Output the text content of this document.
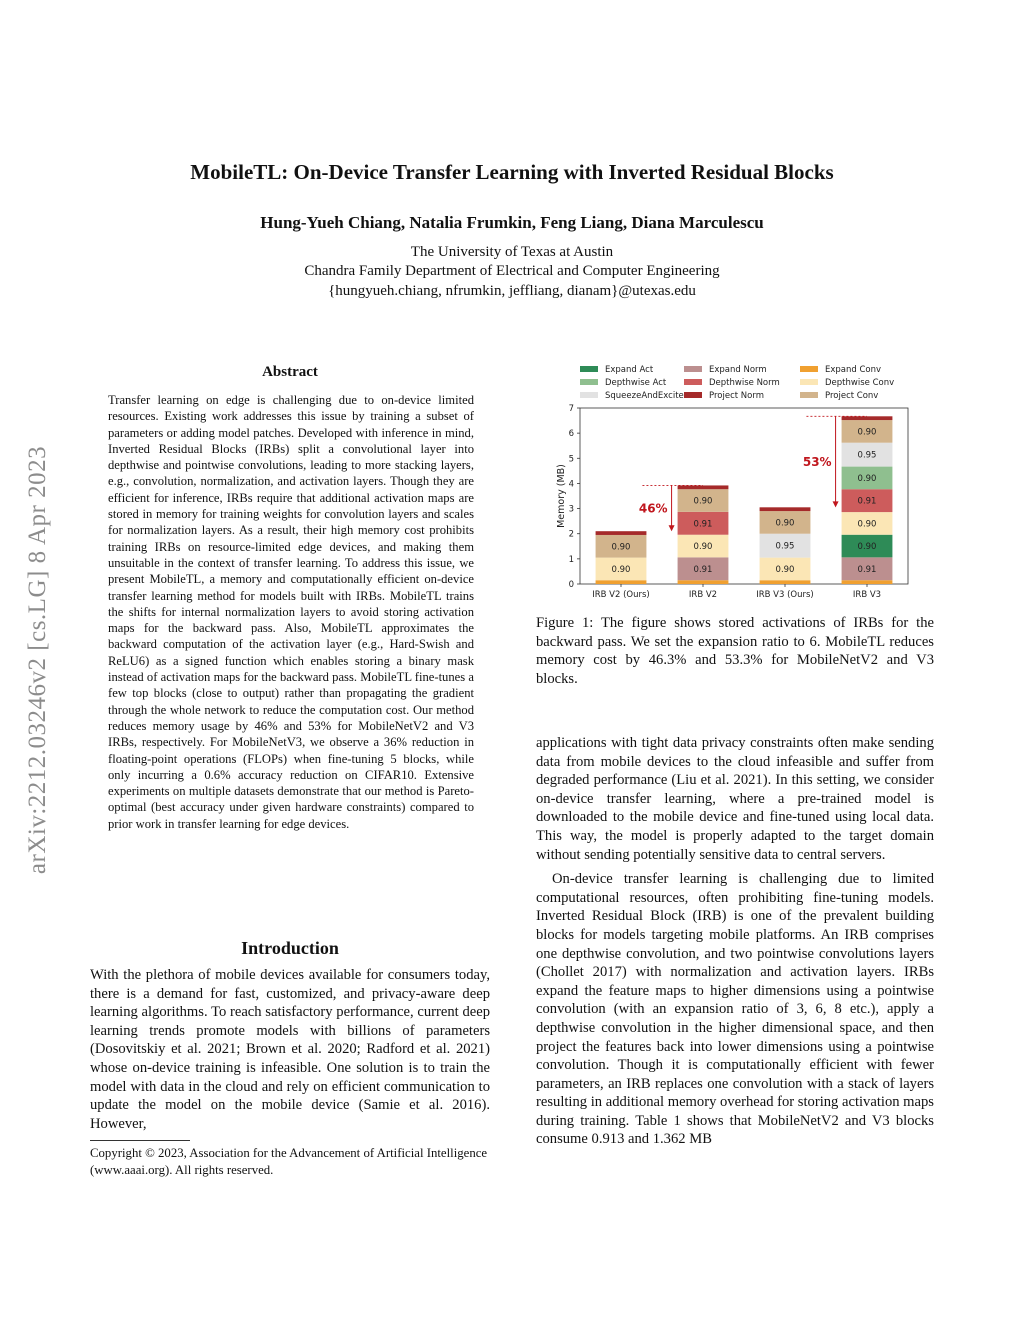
arXiv:2212.03246v2 [cs.LG] 8 Apr 2023
MobileTL: On-Device Transfer Learning with Inverted Residual Blocks
Hung-Yueh Chiang, Natalia Frumkin, Feng Liang, Diana Marculescu
The University of Texas at Austin
Chandra Family Department of Electrical and Computer Engineering
{hungyueh.chiang, nfrumkin, jeffliang, dianam}@utexas.edu
Abstract
Transfer learning on edge is challenging due to on-device limited resources. Existing work addresses this issue by training a subset of parameters or adding model patches. Developed with inference in mind, Inverted Residual Blocks (IRBs) split a convolutional layer into depthwise and pointwise convolutions, leading to more stacking layers, e.g., convolution, normalization, and activation layers. Though they are efficient for inference, IRBs require that additional activation maps are stored in memory for training weights for convolution layers and scales for normalization layers. As a result, their high memory cost prohibits training IRBs on resource-limited edge devices, and making them unsuitable in the context of transfer learning. To address this issue, we present MobileTL, a memory and computationally efficient on-device transfer learning method for models built with IRBs. MobileTL trains the shifts for internal normalization layers to avoid storing activation maps for the backward pass. Also, MobileTL approximates the backward computation of the activation layer (e.g., Hard-Swish and ReLU6) as a signed function which enables storing a binary mask instead of activation maps for the backward pass. MobileTL fine-tunes a few top blocks (close to output) rather than propagating the gradient through the whole network to reduce the computation cost. Our method reduces memory usage by 46% and 53% for MobileNetV2 and V3 IRBs, respectively. For MobileNetV3, we observe a 36% reduction in floating-point operations (FLOPs) when fine-tuning 5 blocks, while only incurring a 0.6% accuracy reduction on CIFAR10. Extensive experiments on multiple datasets demonstrate that our method is Pareto-optimal (best accuracy under given hardware constraints) compared to prior work in transfer learning for edge devices.
Introduction
With the plethora of mobile devices available for consumers today, there is a demand for fast, customized, and privacy-aware deep learning algorithms. To reach satisfactory performance, current deep learning trends promote models with billions of parameters (Dosovitskiy et al. 2021; Brown et al. 2020; Radford et al. 2021) whose on-device training is infeasible. One solution is to train the model with data in the cloud and rely on efficient communication to update the model on the mobile device (Samie et al. 2016). However,
Copyright © 2023, Association for the Advancement of Artificial Intelligence (www.aaai.org). All rights reserved.
Expand Act
Depthwise Act
SqueezeAndExcite
Expand Norm
Depthwise Norm
Project Norm
Expand Conv
Depthwise Conv
Project Conv
0
1
2
3
4
5
6
7
Memory (MB)
0.90
0.90
IRB V2 (Ours)
0.91
0.90
0.91
0.90
IRB V2
0.90
0.95
0.90
IRB V3 (Ours)
0.91
0.90
0.90
0.91
0.90
0.95
0.90
IRB V3
46%
53%
Figure 1: The figure shows stored activations of IRBs for the backward pass. We set the expansion ratio to 6. MobileTL reduces memory cost by 46.3% and 53.3% for MobileNetV2 and V3 blocks.

applications with tight data privacy constraints often make sending data from mobile devices to the cloud infeasible and suffer from degraded performance (Liu et al. 2021). In this setting, we consider on-device transfer learning, where a pre-trained model is downloaded to the mobile device and fine-tuned using local data. This way, the model is properly adapted to the target domain without sending potentially sensitive data to central servers.

On-device transfer learning is challenging due to limited computational resources, often prohibiting fine-tuning models. Inverted Residual Block (IRB) is one of the prevalent building blocks for models targeting mobile platforms. An IRB comprises one depthwise convolution, and two pointwise convolutions layers (Chollet 2017) with normalization and activation layers. IRBs expand the feature maps to higher dimensions using a pointwise convolution (with an expansion ratio of 3, 6, 8 etc.), apply a depthwise convolution in the higher dimensional space, and then project the features back into lower dimensions using a pointwise convolution. Though it is computationally efficient with fewer parameters, an IRB replaces one convolution with a stack of layers resulting in additional memory overhead for storing activation maps during training. Table 1 shows that MobileNetV2 and V3 blocks consume 0.913 and 1.362 MB
